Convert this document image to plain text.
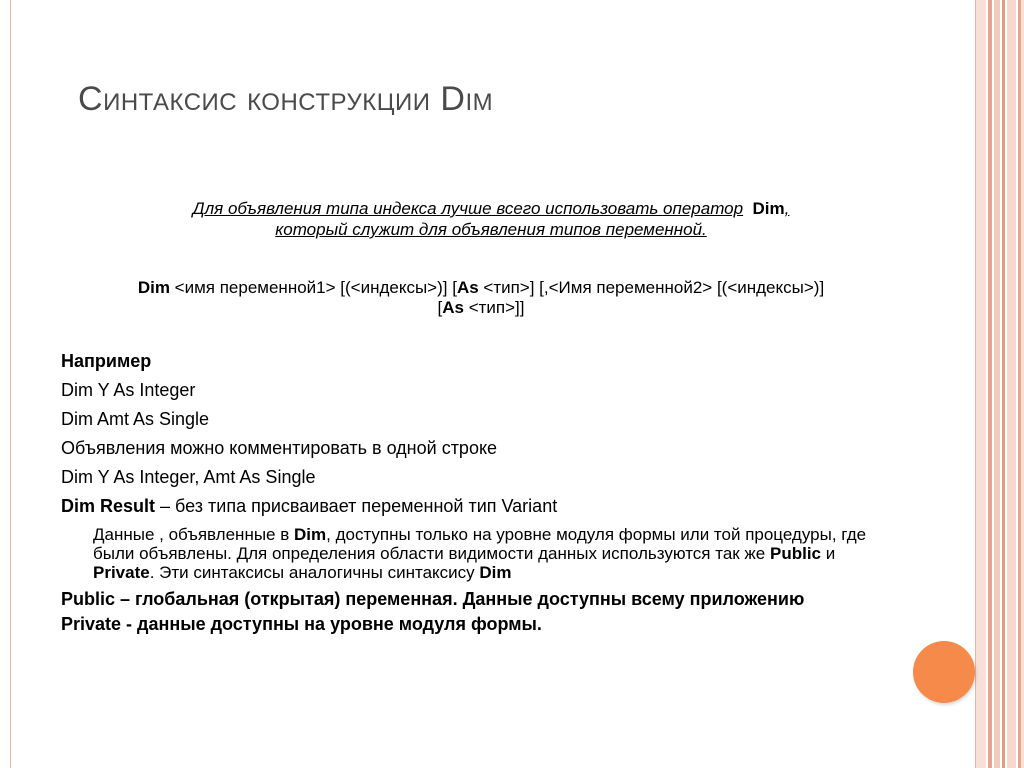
Синтаксис конструкции Dim
Для объявления типа индекса лучше всего использовать оператор Dim,
который служит для объявления типов переменной.
Dim <имя переменной1> [(<индексы>)] [As <тип>] [,<Имя переменной2> [(<индексы>)]
[As <тип>]]
Например
Dim Y As Integer
Dim Amt As Single
Объявления можно комментировать в одной строке
Dim Y As Integer, Amt As Single
Dim Result – без типа присваивает переменной тип Variant
Данные , объявленные в Dim, доступны только на уровне модуля формы или той процедуры, где были объявлены. Для определения области видимости данных используются так же Public и Private. Эти синтаксисы аналогичны синтаксису Dim
Public – глобальная (открытая) переменная. Данные доступны всему приложению
Private - данные доступны на уровне модуля формы.
